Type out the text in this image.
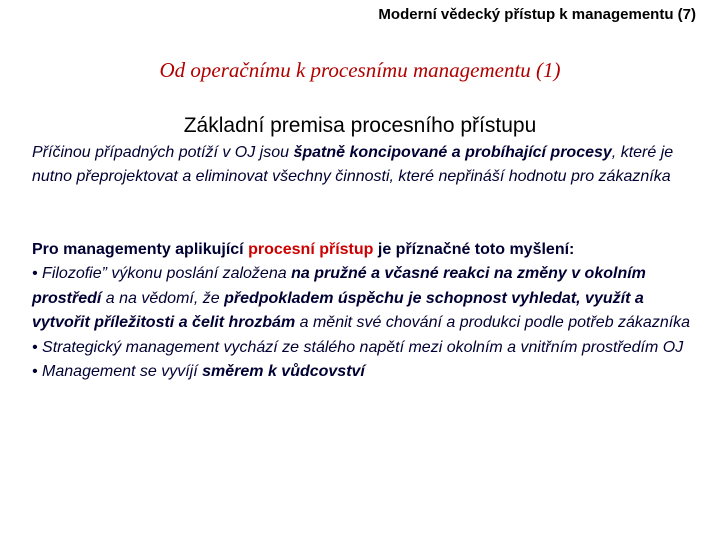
Moderní vědecký přístup k managementu (7)
Od operačnímu k procesnímu managementu (1)
Základní premisa procesního přístupu
Příčinou případných potíží v OJ jsou špatně koncipované a probíhající procesy, které je nutno přeprojektovat a eliminovat všechny činnosti, které nepřináší hodnotu pro zákazníka
Pro managementy aplikující procesní přístup je příznačné toto myšlení:
• Filozofie” výkonu poslání založena na pružné a včasné reakci na změny v okolním prostředí a na vědomí, že předpokladem úspěchu je schopnost vyhledat, využít a vytvořit příležitosti a čelit hrozbám a měnit své chování a produkci podle potřeb zákazníka
• Strategický management vychází ze stálého napětí mezi okolním a vnitřním prostředím OJ
• Management se vyvíjí směrem k vůdcovství
